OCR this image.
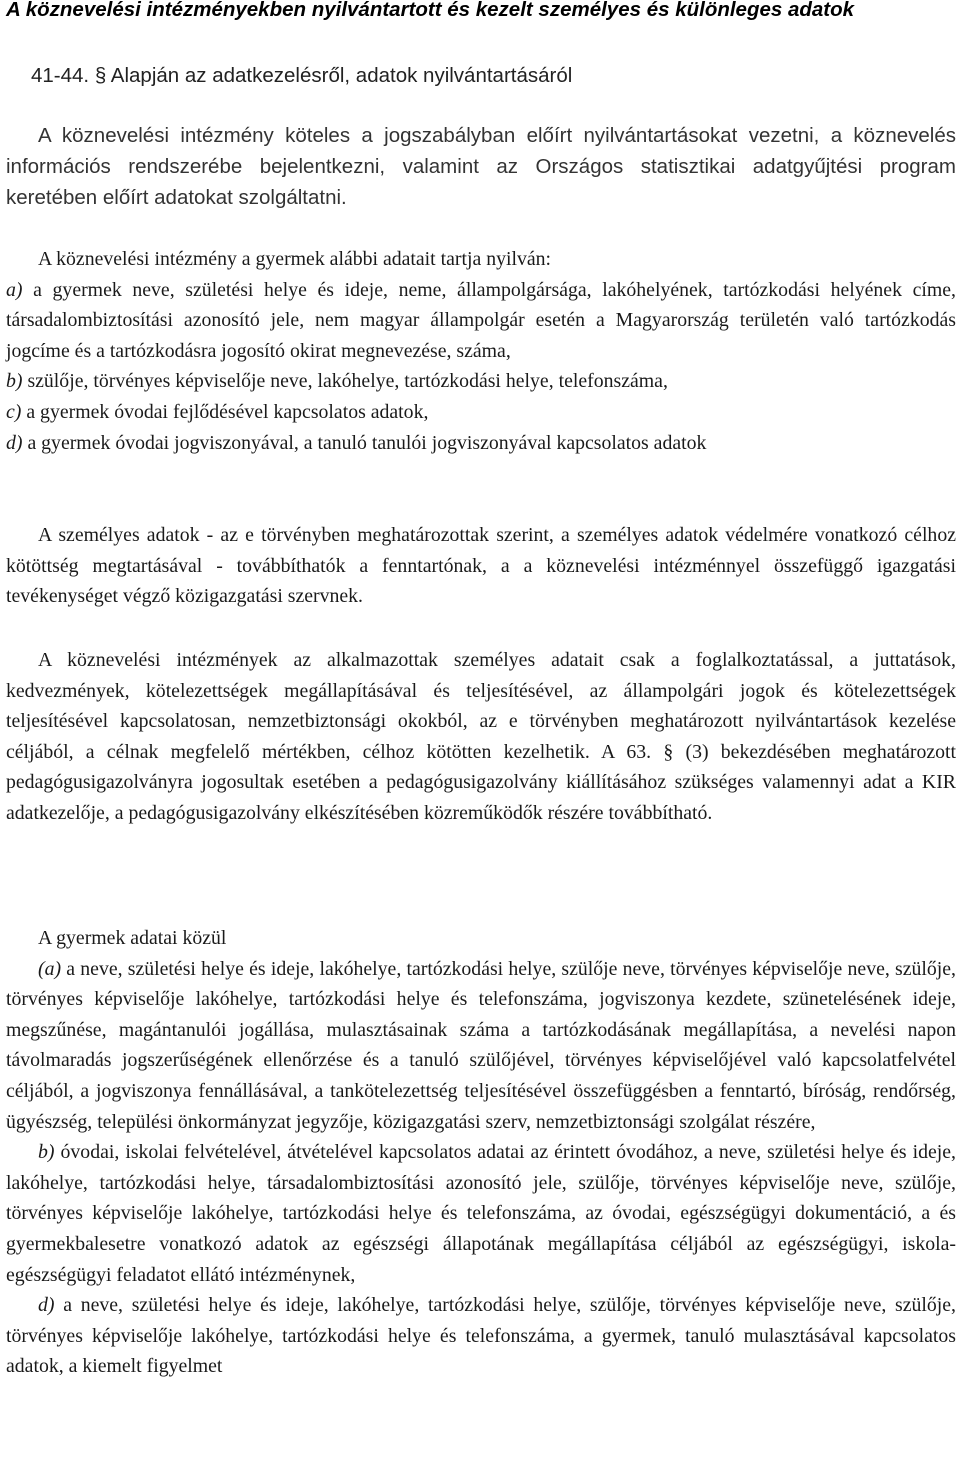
A köznevelési intézményekben nyilvántartott és kezelt személyes és különleges adatok
41-44. § Alapján az adatkezelésről, adatok nyilvántartásáról

A köznevelési intézmény köteles a jogszabályban előírt nyilvántartásokat vezetni, a köznevelés információs rendszerébe bejelentkezni, valamint az Országos statisztikai adatgyűjtési program keretében előírt adatokat szolgáltatni.

A köznevelési intézmény a gyermek alábbi adatait tartja nyilván:

a) a gyermek neve, születési helye és ideje, neme, állampolgársága, lakóhelyének, tartózkodási helyének címe, társadalombiztosítási azonosító jele, nem magyar állampolgár esetén a Magyarország területén való tartózkodás jogcíme és a tartózkodásra jogosító okirat megnevezése, száma,

b) szülője, törvényes képviselője neve, lakóhelye, tartózkodási helye, telefonszáma,

c) a gyermek óvodai fejlődésével kapcsolatos adatok,

d) a gyermek óvodai jogviszonyával, a tanuló tanulói jogviszonyával kapcsolatos adatok

A személyes adatok - az e törvényben meghatározottak szerint, a személyes adatok védelmére vonatkozó célhoz kötöttség megtartásával - továbbíthatók a fenntartónak, a a köznevelési intézménnyel összefüggő igazgatási tevékenységet végző közigazgatási szervnek.

A köznevelési intézmények az alkalmazottak személyes adatait csak a foglalkoztatással, a juttatások, kedvezmények, kötelezettségek megállapításával és teljesítésével, az állampolgári jogok és kötelezettségek teljesítésével kapcsolatosan, nemzetbiztonsági okokból, az e törvényben meghatározott nyilvántartások kezelése céljából, a célnak megfelelő mértékben, célhoz kötötten kezelhetik. A 63. § (3) bekezdésében meghatározott pedagógusigazolványra jogosultak esetében a pedagógusigazolvány kiállításához szükséges valamennyi adat a KIR adatkezelője, a pedagógusigazolvány elkészítésében közreműködők részére továbbítható.

A gyermek adatai közül

(a) a neve, születési helye és ideje, lakóhelye, tartózkodási helye, szülője neve, törvényes képviselője neve, szülője, törvényes képviselője lakóhelye, tartózkodási helye és telefonszáma, jogviszonya kezdete, szünetelésének ideje, megszűnése, magántanulói jogállása, mulasztásainak száma a tartózkodásának megállapítása, a nevelési napon távolmaradás jogszerűségének ellenőrzése és a tanuló szülőjével, törvényes képviselőjével való kapcsolatfelvétel céljából, a jogviszonya fennállásával, a tankötelezettség teljesítésével összefüggésben a fenntartó, bíróság, rendőrség, ügyészség, települési önkormányzat jegyzője, közigazgatási szerv, nemzetbiztonsági szolgálat részére,

b) óvodai, iskolai felvételével, átvételével kapcsolatos adatai az érintett óvodához, a neve, születési helye és ideje, lakóhelye, tartózkodási helye, társadalombiztosítási azonosító jele, szülője, törvényes képviselője neve, szülője, törvényes képviselője lakóhelye, tartózkodási helye és telefonszáma, az óvodai, egészségügyi dokumentáció, a és gyermekbalesetre vonatkozó adatok az egészségi állapotának megállapítása céljából az egészségügyi, iskola-egészségügyi feladatot ellátó intézménynek,

d) a neve, születési helye és ideje, lakóhelye, tartózkodási helye, szülője, törvényes képviselője neve, szülője, törvényes képviselője lakóhelye, tartózkodási helye és telefonszáma, a gyermek, tanuló mulasztásával kapcsolatos adatok, a kiemelt figyelmet
